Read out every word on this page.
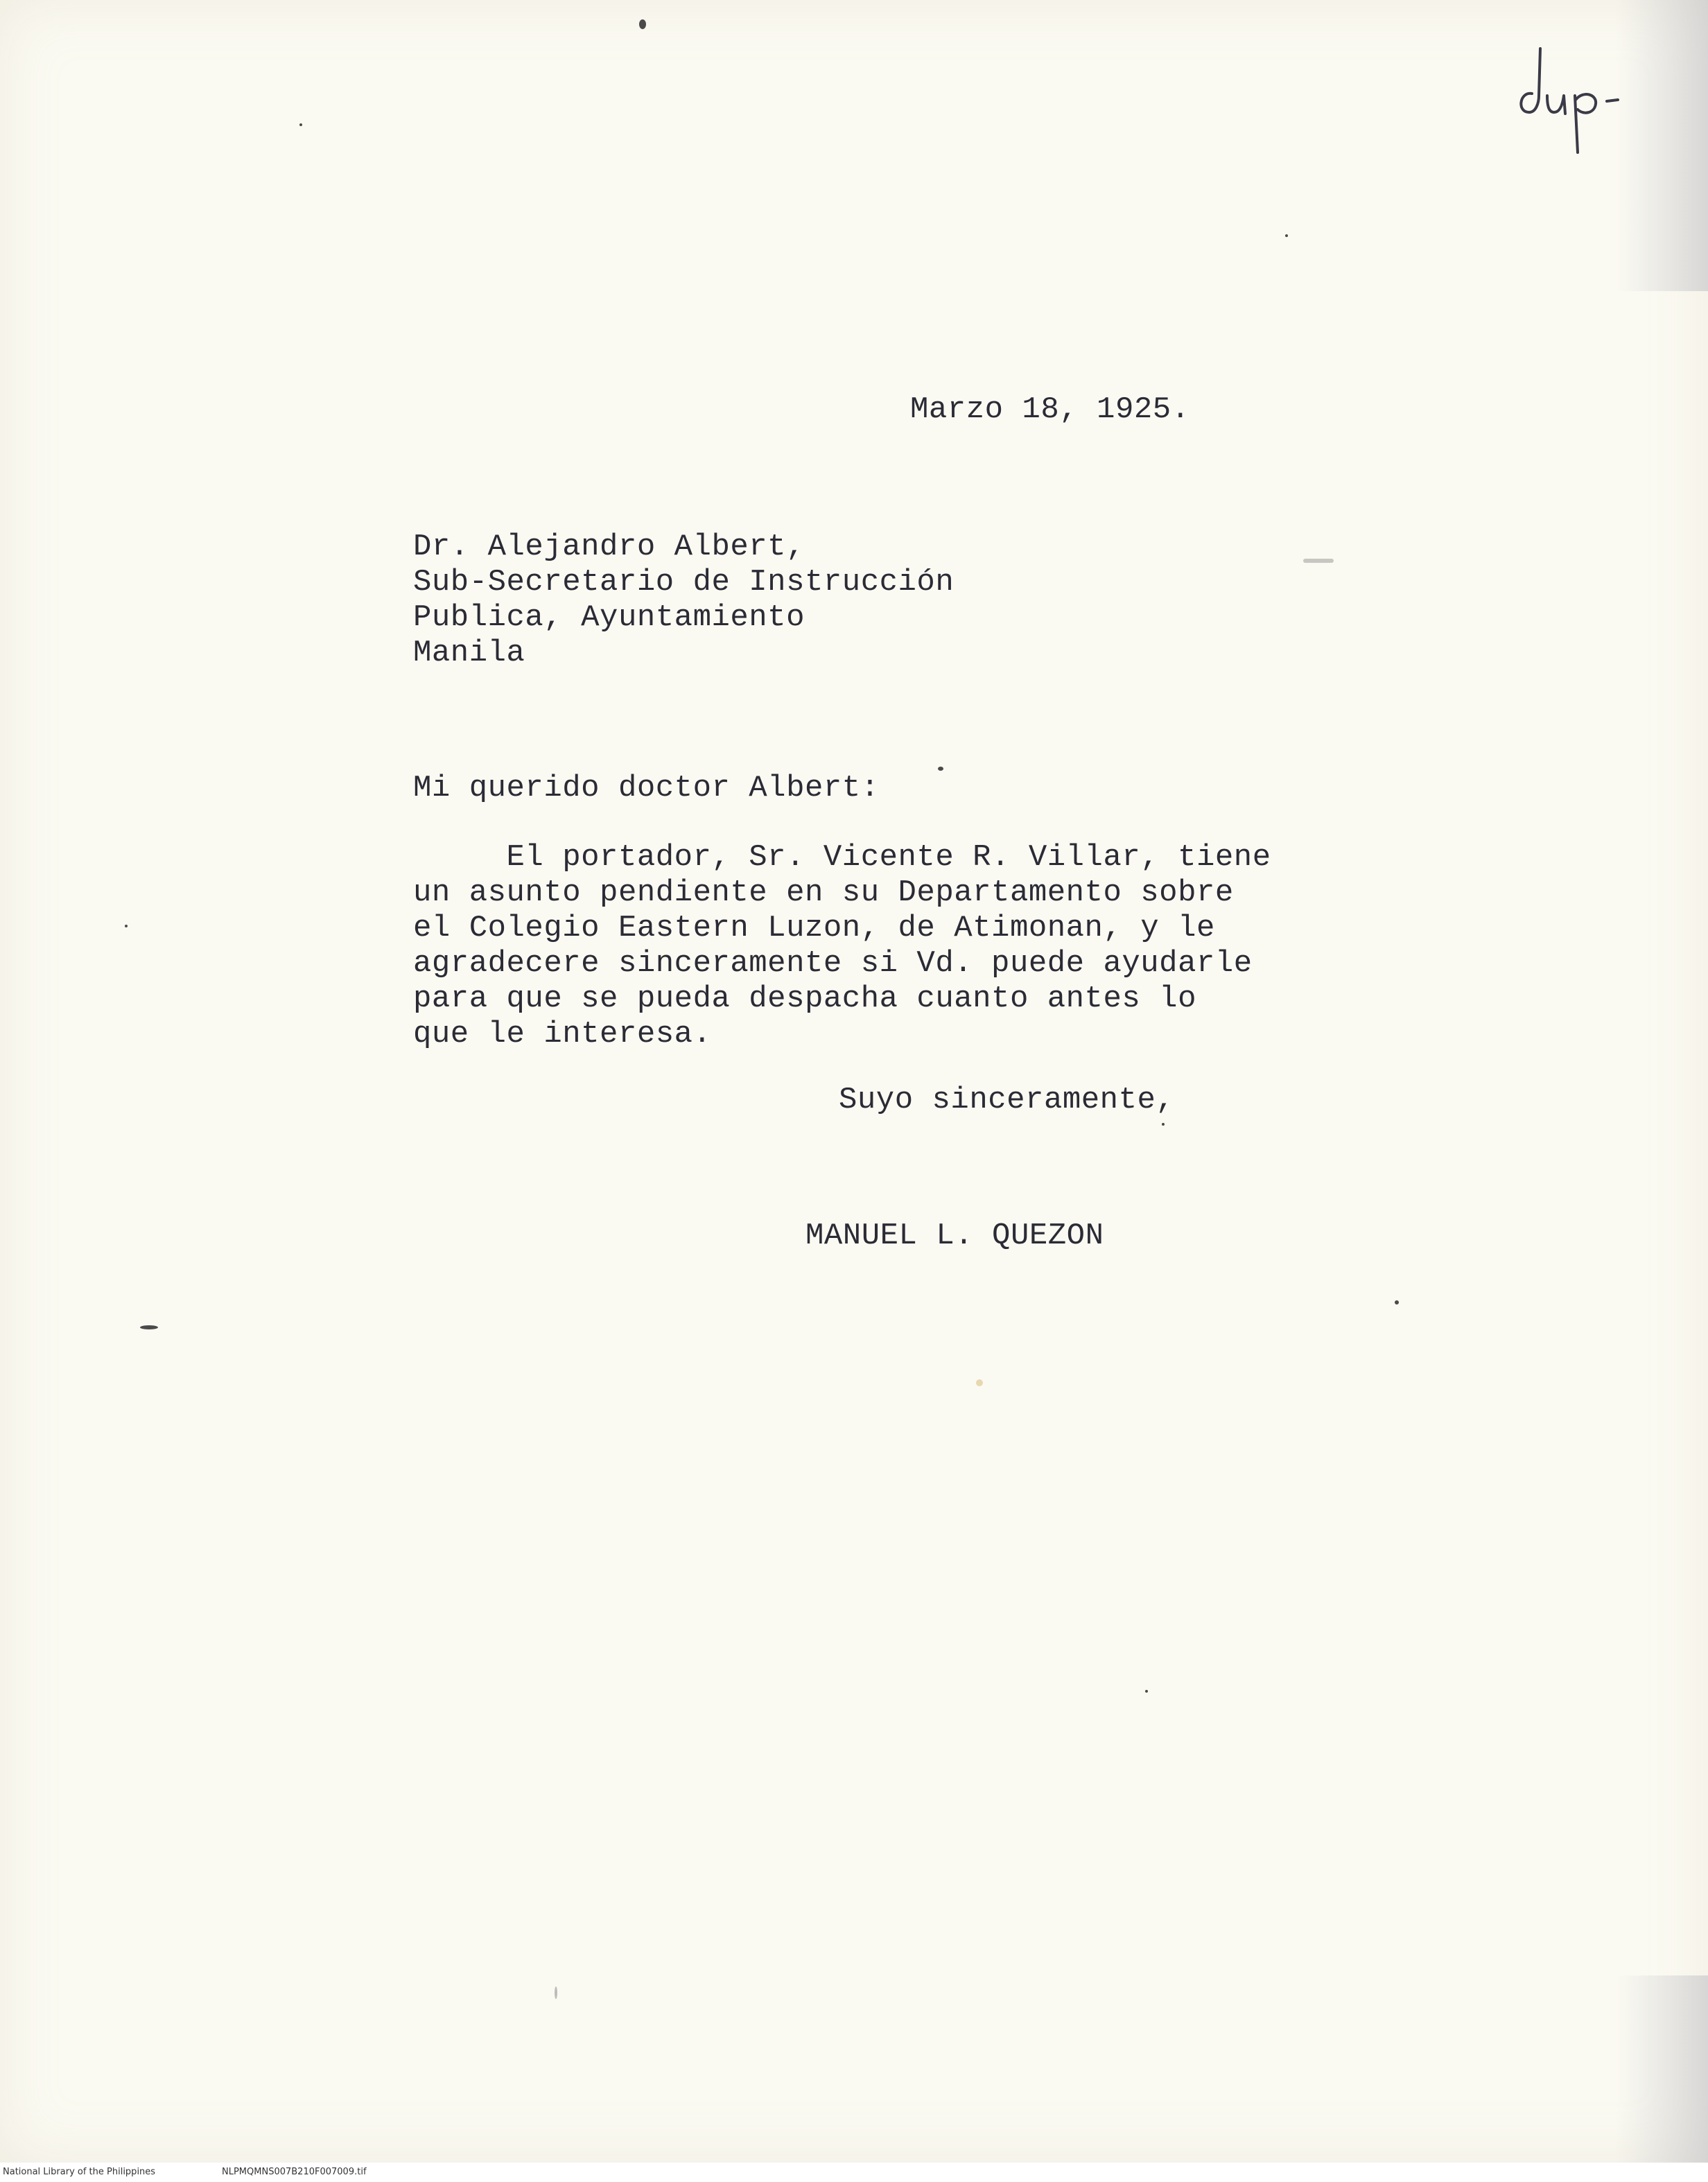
Marzo 18, 1925.
Dr. Alejandro Albert,
Sub-Secretario de Instrucción
Publica, Ayuntamiento
Manila
Mi querido doctor Albert:
El portador, Sr. Vicente R. Villar, tiene
un asunto pendiente en su Departamento sobre
el Colegio Eastern Luzon, de Atimonan, y le
agradecere sinceramente si Vd. puede ayudarle
para que se pueda despacha cuanto antes lo
que le interesa.
Suyo sinceramente,
MANUEL L. QUEZON
National Library of the Philippines	NLPMQMNS007B210F007009.tif
